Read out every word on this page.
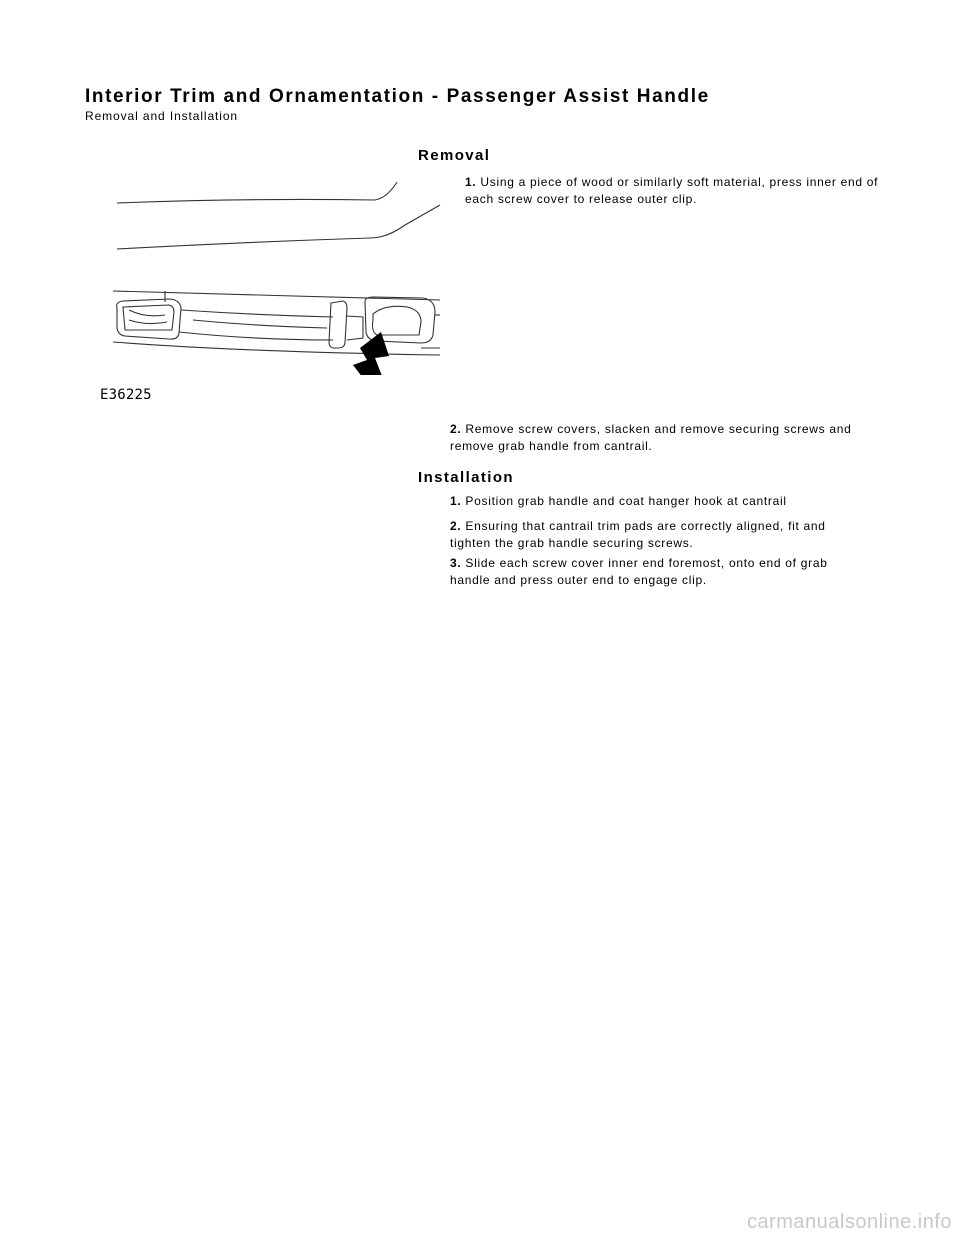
Interior Trim and Ornamentation - Passenger Assist Handle
Removal and Installation
Removal
E36225
1. Using a piece of wood or similarly soft material, press inner end of each screw cover to release outer clip.
2. Remove screw covers, slacken and remove securing screws and remove grab handle from cantrail.
Installation
1. Position grab handle and coat hanger hook at cantrail
2. Ensuring that cantrail trim pads are correctly aligned, fit and tighten the grab handle securing screws.
3. Slide each screw cover inner end foremost, onto end of grab handle and press outer end to engage clip.
carmanualsonline.info
